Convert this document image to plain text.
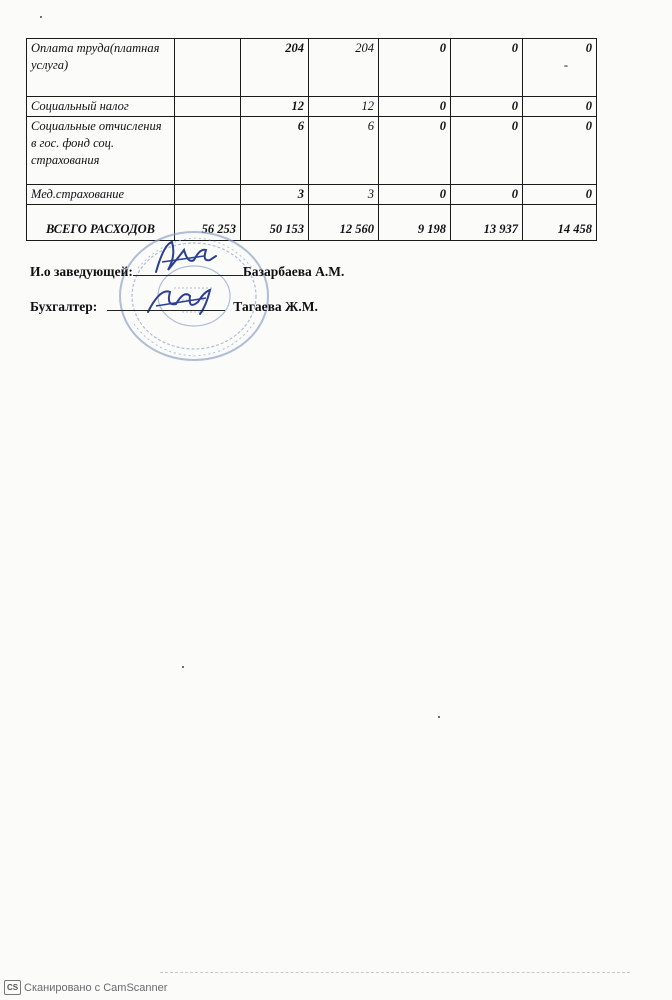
Оплата труда(платная услуга)		204	204	0	0	0
-
Социальный налог		12	12	0	0	0
Социальные отчисления в гос. фонд соц. страхования		6	6	0	0	0
Мед.страхование		3	3	0	0	0
ВСЕГО РАСХОДОВ	56 253	50 153	12 560	9 198	13 937	14 458
И.о заведующей:	Базарбаева А.М.
Бухгалтер:	Тагаева Ж.М.
CS Сканировано с CamScanner
